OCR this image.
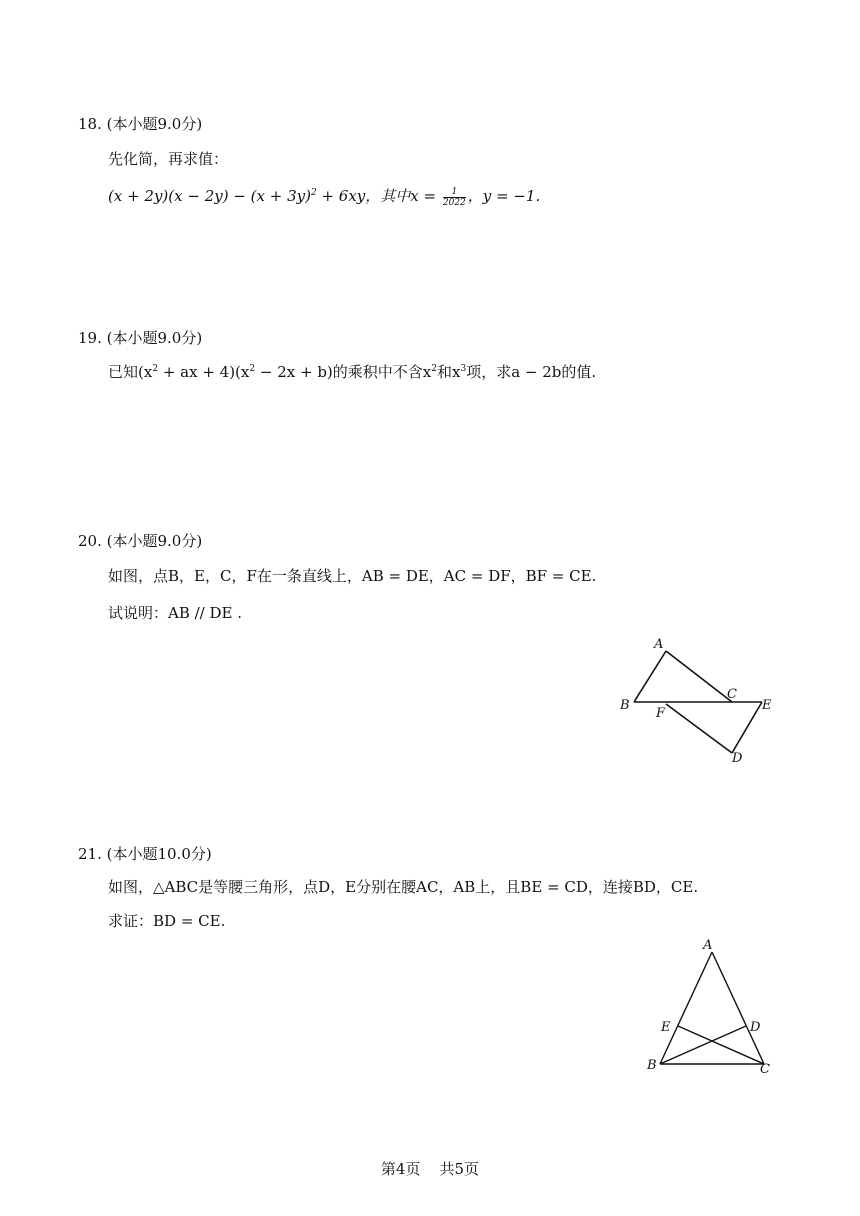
18. (本小题9.0分)
先化简，再求值：
$(x + 2y)(x - 2y) - (x + 3y)^2 + 6xy$，其中$x = \frac{1}{2022}$ ，y = −1.
19. (本小题9.0分)
已知($x^2$ + ax + $4)(x^2 - 2x + b)$的乘积中不含$x^2$和$x^3$项，求a − 2b的值.
20. (本小题9.0分)
如图，点B，E，C，F在一条直线上，AB = DE，AC = DF，BF = CE.
试说明：AB // DE .
A
B
C
E
F
D
21. (本小题10.0分)
如图，△ABC是等腰三角形，点D，E分别在腰AC，AB上，且BE = CD，连接BD，CE.
求证：BD = CE.
A
B	C
D
E
第4页    共5页
